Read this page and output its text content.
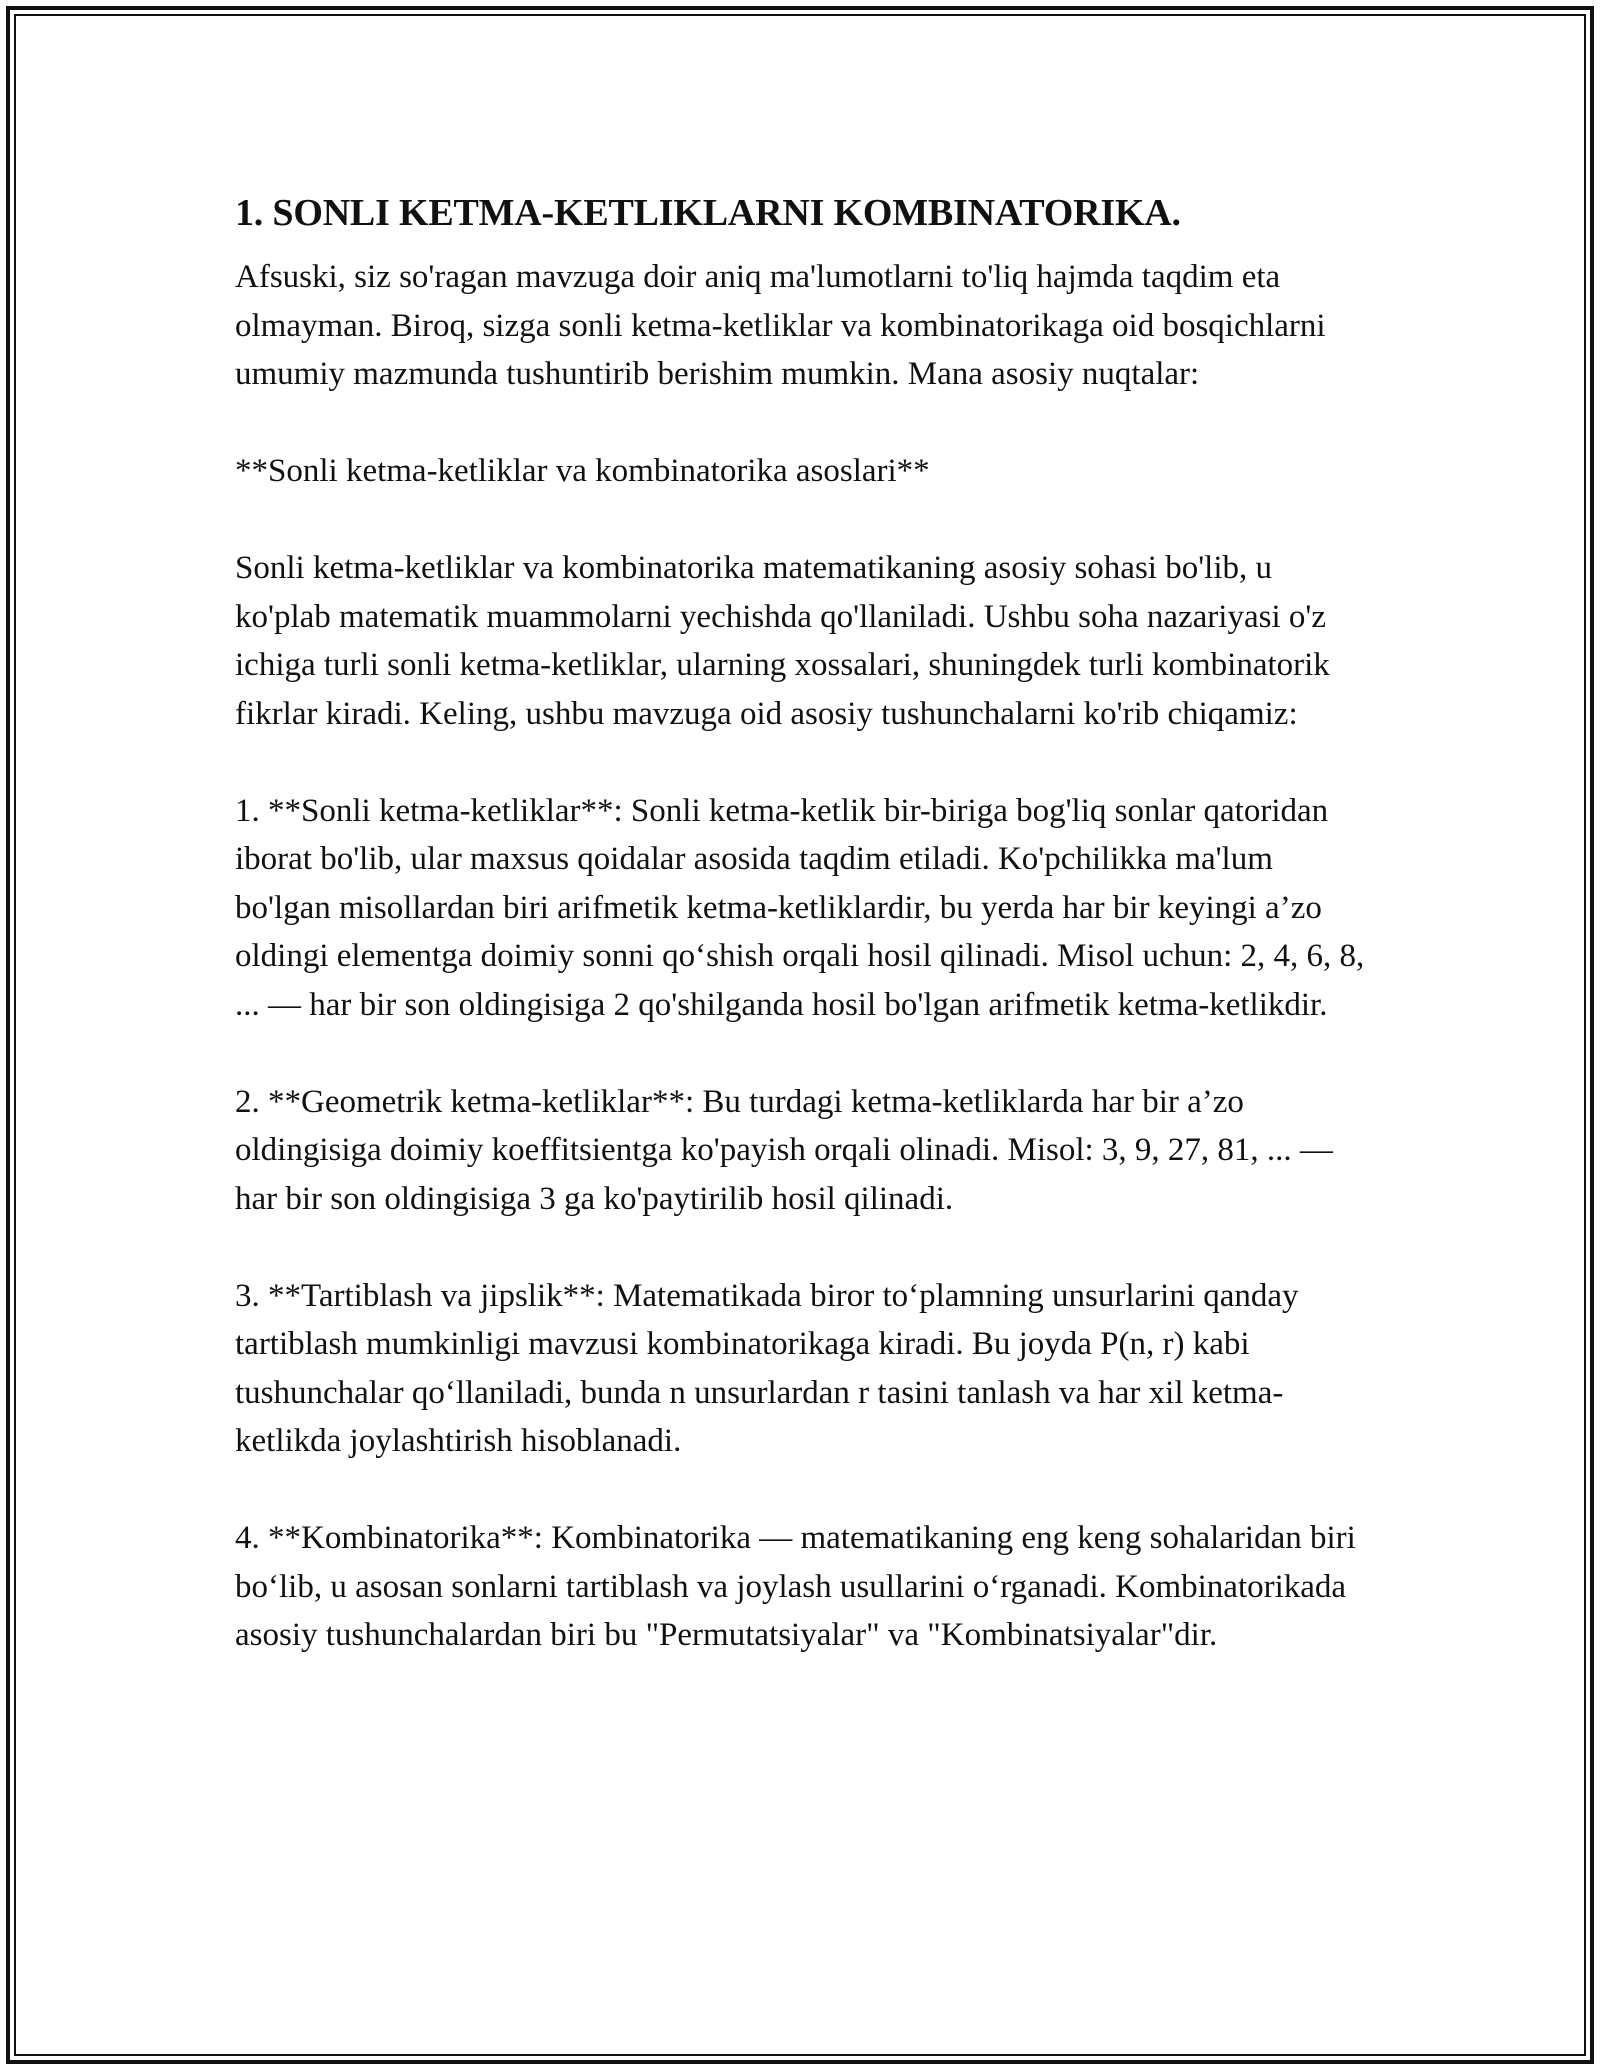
1. SONLI KETMA-KETLIKLARNI KOMBINATORIKA.

Afsuski, siz so'ragan mavzuga doir aniq ma'lumotlarni to'liq hajmda taqdim eta olmayman. Biroq, sizga sonli ketma-ketliklar va kombinatorikaga oid bosqichlarni umumiy mazmunda tushuntirib berishim mumkin. Mana asosiy nuqtalar:

**Sonli ketma-ketliklar va kombinatorika asoslari**

Sonli ketma-ketliklar va kombinatorika matematikaning asosiy sohasi bo'lib, u ko'plab matematik muammolarni yechishda qo'llaniladi. Ushbu soha nazariyasi o'z ichiga turli sonli ketma-ketliklar, ularning xossalari, shuningdek turli kombinatorik fikrlar kiradi. Keling, ushbu mavzuga oid asosiy tushunchalarni ko'rib chiqamiz:

1. **Sonli ketma-ketliklar**: Sonli ketma-ketlik bir-biriga bog'liq sonlar qatoridan iborat bo'lib, ular maxsus qoidalar asosida taqdim etiladi. Ko'pchilikka ma'lum bo'lgan misollardan biri arifmetik ketma-ketliklardir, bu yerda har bir keyingi a’zo oldingi elementga doimiy sonni qo‘shish orqali hosil qilinadi. Misol uchun: 2, 4, 6, 8, ... — har bir son oldingisiga 2 qo'shilganda hosil bo'lgan arifmetik ketma-ketlikdir.

2. **Geometrik ketma-ketliklar**: Bu turdagi ketma-ketliklarda har bir a’zo oldingisiga doimiy koeffitsientga ko'payish orqali olinadi. Misol: 3, 9, 27, 81, ... — har bir son oldingisiga 3 ga ko'paytirilib hosil qilinadi.

3. **Tartiblash va jipslik**: Matematikada biror to‘plamning unsurlarini qanday tartiblash mumkinligi mavzusi kombinatorikaga kiradi. Bu joyda P(n, r) kabi tushunchalar qo‘llaniladi, bunda n unsurlardan r tasini tanlash va har xil ketma-ketlikda joylashtirish hisoblanadi.

4. **Kombinatorika**: Kombinatorika — matematikaning eng keng sohalaridan biri bo‘lib, u asosan sonlarni tartiblash va joylash usullarini o‘rganadi. Kombinatorikada asosiy tushunchalardan biri bu "Permutatsiyalar" va "Kombinatsiyalar"dir.
